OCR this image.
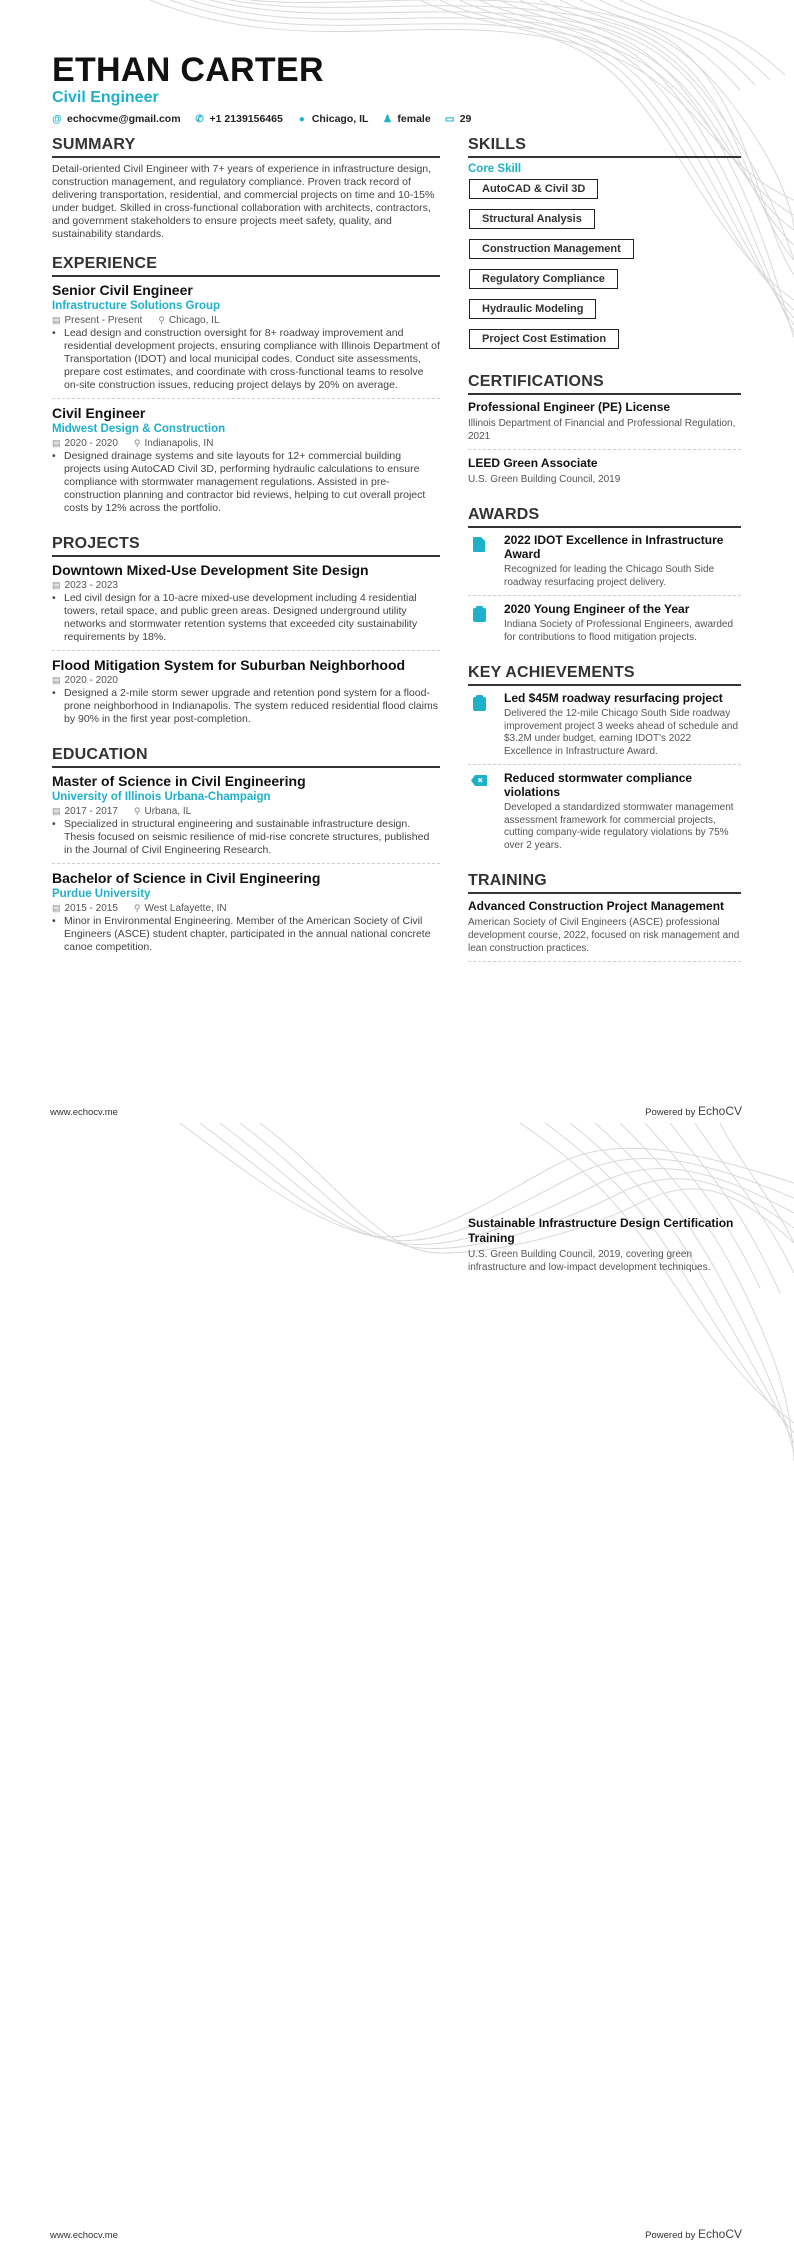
ETHAN CARTER
Civil Engineer
@ echocvme@gmail.com ✆ +1 2139156465 ● Chicago, IL ♟ female ▭ 29
SUMMARY
Detail-oriented Civil Engineer with 7+ years of experience in infrastructure design, construction management, and regulatory compliance. Proven track record of delivering transportation, residential, and commercial projects on time and 10-15% under budget. Skilled in cross-functional collaboration with architects, contractors, and government stakeholders to ensure projects meet safety, quality, and sustainability standards.
EXPERIENCE
Senior Civil Engineer
Infrastructure Solutions Group
▤ Present - Present ⚲ Chicago, IL
• Lead design and construction oversight for 8+ roadway improvement and residential development projects, ensuring compliance with Illinois Department of Transportation (IDOT) and local municipal codes. Conduct site assessments, prepare cost estimates, and coordinate with cross-functional teams to resolve on-site construction issues, reducing project delays by 20% on average.
Civil Engineer
Midwest Design & Construction
▤ 2020 - 2020 ⚲ Indianapolis, IN
• Designed drainage systems and site layouts for 12+ commercial building projects using AutoCAD Civil 3D, performing hydraulic calculations to ensure compliance with stormwater management regulations. Assisted in pre-construction planning and contractor bid reviews, helping to cut overall project costs by 12% across the portfolio.
PROJECTS
Downtown Mixed-Use Development Site Design
▤ 2023 - 2023
• Led civil design for a 10-acre mixed-use development including 4 residential towers, retail space, and public green areas. Designed underground utility networks and stormwater retention systems that exceeded city sustainability requirements by 18%.
Flood Mitigation System for Suburban Neighborhood
▤ 2020 - 2020
• Designed a 2-mile storm sewer upgrade and retention pond system for a flood-prone neighborhood in Indianapolis. The system reduced residential flood claims by 90% in the first year post-completion.
EDUCATION
Master of Science in Civil Engineering
University of Illinois Urbana-Champaign
▤ 2017 - 2017 ⚲ Urbana, IL
• Specialized in structural engineering and sustainable infrastructure design. Thesis focused on seismic resilience of mid-rise concrete structures, published in the Journal of Civil Engineering Research.
Bachelor of Science in Civil Engineering
Purdue University
▤ 2015 - 2015 ⚲ West Lafayette, IN
• Minor in Environmental Engineering. Member of the American Society of Civil Engineers (ASCE) student chapter, participated in the annual national concrete canoe competition.
SKILLS
Core Skill
AutoCAD & Civil 3D
Structural Analysis
Construction Management
Regulatory Compliance
Hydraulic Modeling
Project Cost Estimation
CERTIFICATIONS
Professional Engineer (PE) License
Illinois Department of Financial and Professional Regulation, 2021
LEED Green Associate
U.S. Green Building Council, 2019
AWARDS
2022 IDOT Excellence in Infrastructure Award
Recognized for leading the Chicago South Side roadway resurfacing project delivery.
2020 Young Engineer of the Year
Indiana Society of Professional Engineers, awarded for contributions to flood mitigation projects.
KEY ACHIEVEMENTS
Led $45M roadway resurfacing project
Delivered the 12-mile Chicago South Side roadway improvement project 3 weeks ahead of schedule and $3.2M under budget, earning IDOT's 2022 Excellence in Infrastructure Award.
Reduced stormwater compliance violations
Developed a standardized stormwater management assessment framework for commercial projects, cutting company-wide regulatory violations by 75% over 2 years.
TRAINING
Advanced Construction Project Management
American Society of Civil Engineers (ASCE) professional development course, 2022, focused on risk management and lean construction practices.
www.echocv.me	Powered by EchoCV
Sustainable Infrastructure Design Certification Training
U.S. Green Building Council, 2019, covering green infrastructure and low-impact development techniques.
www.echocv.me	Powered by EchoCV
